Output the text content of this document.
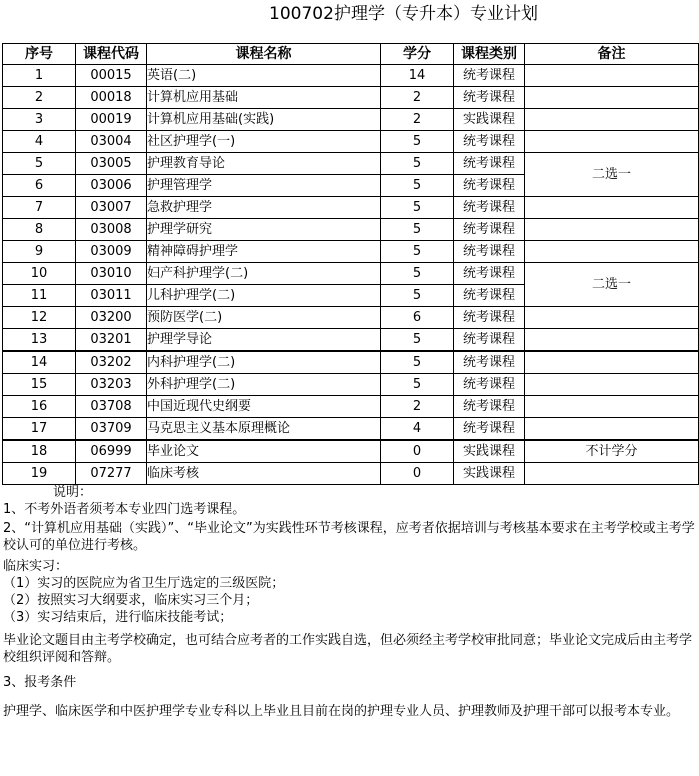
100702护理学（专升本）专业计划
序号	课程代码	课程名称	学分	课程类别	备注
1	00015	英语(二)	14	统考课程	
2	00018	计算机应用基础	2	统考课程	
3	00019	计算机应用基础(实践)	2	实践课程	
4	03004	社区护理学(一)	5	统考课程	
5	03005	护理教育导论	5	统考课程	二选一
6	03006	护理管理学	5	统考课程	
7	03007	急救护理学	5	统考课程	
8	03008	护理学研究	5	统考课程	
9	03009	精神障碍护理学	5	统考课程	
10	03010	妇产科护理学(二)	5	统考课程	二选一
11	03011	儿科护理学(二)	5	统考课程	
12	03200	预防医学(二)	6	统考课程	
13	03201	护理学导论	5	统考课程	
14	03202	内科护理学(二)	5	统考课程	
15	03203	外科护理学(二)	5	统考课程	
16	03708	中国近现代史纲要	2	统考课程	
17	03709	马克思主义基本原理概论	4	统考课程	
18	06999	毕业论文	0	实践课程	不计学分
19	07277	临床考核	0	实践课程	

说明：

1、不考外语者须考本专业四门选考课程。

2、“计算机应用基础（实践）”、“毕业论文”为实践性环节考核课程，应考者依据培训与考核基本要求在主考学校或主考学校认可的单位进行考核。

临床实习：

（1）实习的医院应为省卫生厅选定的三级医院；

（2）按照实习大纲要求，临床实习三个月；

（3）实习结束后，进行临床技能考试；

毕业论文题目由主考学校确定，也可结合应考者的工作实践自选，但必须经主考学校审批同意；毕业论文完成后由主考学校组织评阅和答辩。

3、报考条件

护理学、临床医学和中医护理学专业专科以上毕业且目前在岗的护理专业人员、护理教师及护理干部可以报考本专业。
